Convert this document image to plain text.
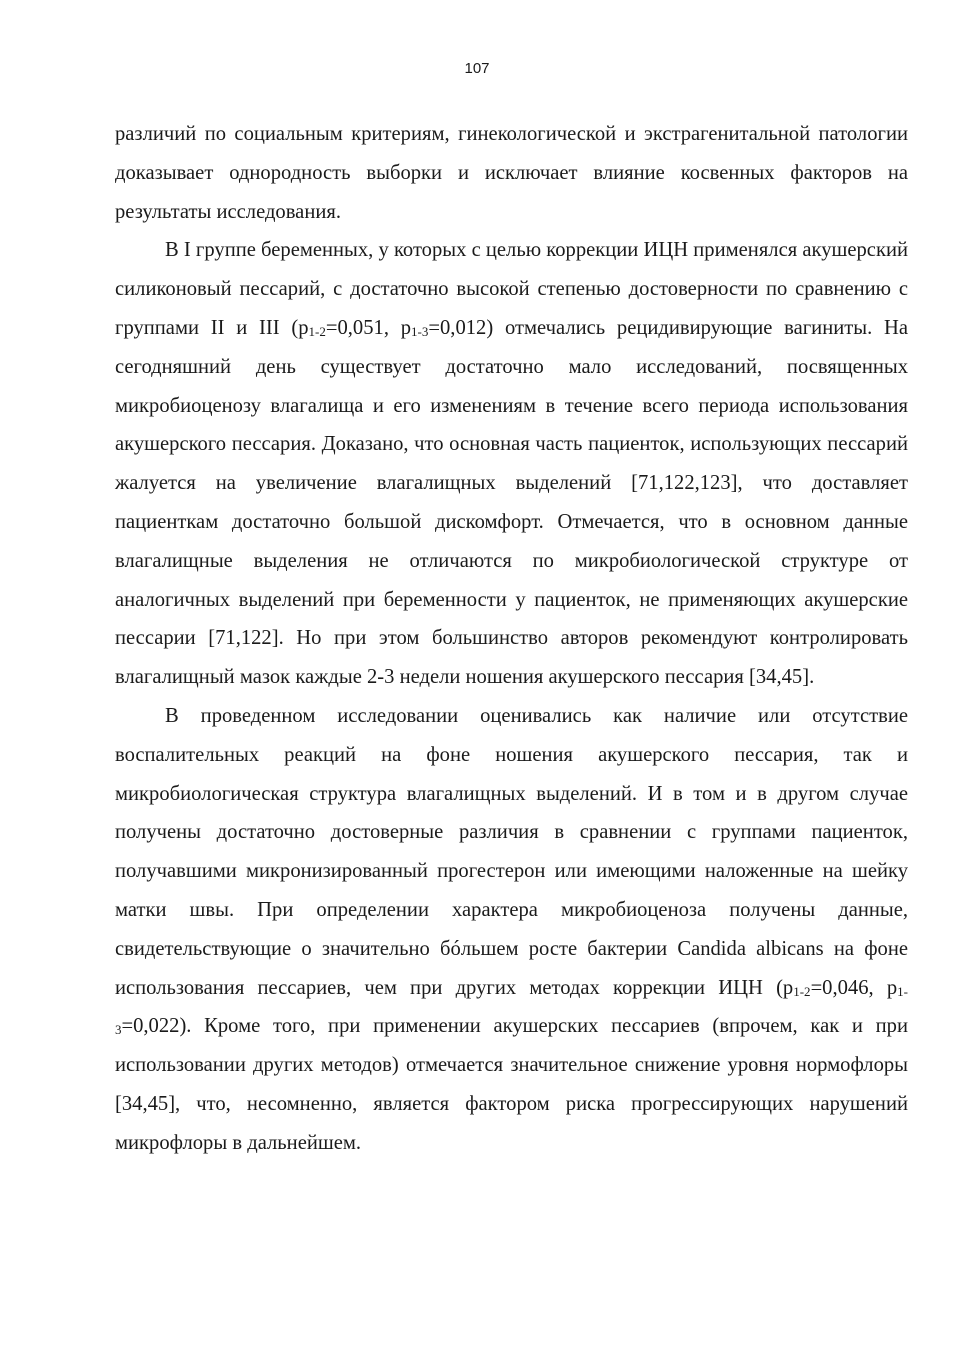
107

различий по социальным критериям, гинекологической и экстрагенитальной патологии доказывает однородность выборки и исключает влияние косвенных факторов на результаты исследования.

В I группе беременных, у которых с целью коррекции ИЦН применялся акушерский силиконовый пессарий, с достаточно высокой степенью достоверности по сравнению с группами II и III ($p_{1-2}=0,051$, $p_{1-3}=0,012$) отмечались рецидивирующие вагиниты. На сегодняшний день существует достаточно мало исследований, посвященных микробиоценозу влагалища и его изменениям в течение всего периода использования акушерского пессария. Доказано, что основная часть пациенток, использующих пессарий жалуется на увеличение влагалищных выделений [71,122,123], что доставляет пациенткам достаточно большой дискомфорт. Отмечается, что в основном данные влагалищные выделения не отличаются по микробиологической структуре от аналогичных выделений при беременности у пациенток, не применяющих акушерские пессарии [71,122]. Но при этом большинство авторов рекомендуют контролировать влагалищный мазок каждые 2-3 недели ношения акушерского пессария [34,45].

В проведенном исследовании оценивались как наличие или отсутствие воспалительных реакций на фоне ношения акушерского пессария, так и микробиологическая структура влагалищных выделений. И в том и в другом случае получены достаточно достоверные различия в сравнении с группами пациенток, получавшими микронизированный прогестерон или имеющими наложенные на шейку матки швы. При определении характера микробиоценоза получены данные, свидетельствующие о значительно бóльшем росте бактерии Candida albicans на фоне использования пессариев, чем при других методах коррекции ИЦН ($p_{1-2}=0,046$, $p_{1-3}=0,022$). Кроме того, при применении акушерских пессариев (впрочем, как и при использовании других методов) отмечается значительное снижение уровня нормофлоры [34,45], что, несомненно, является фактором риска прогрессирующих нарушений микрофлоры в дальнейшем.
